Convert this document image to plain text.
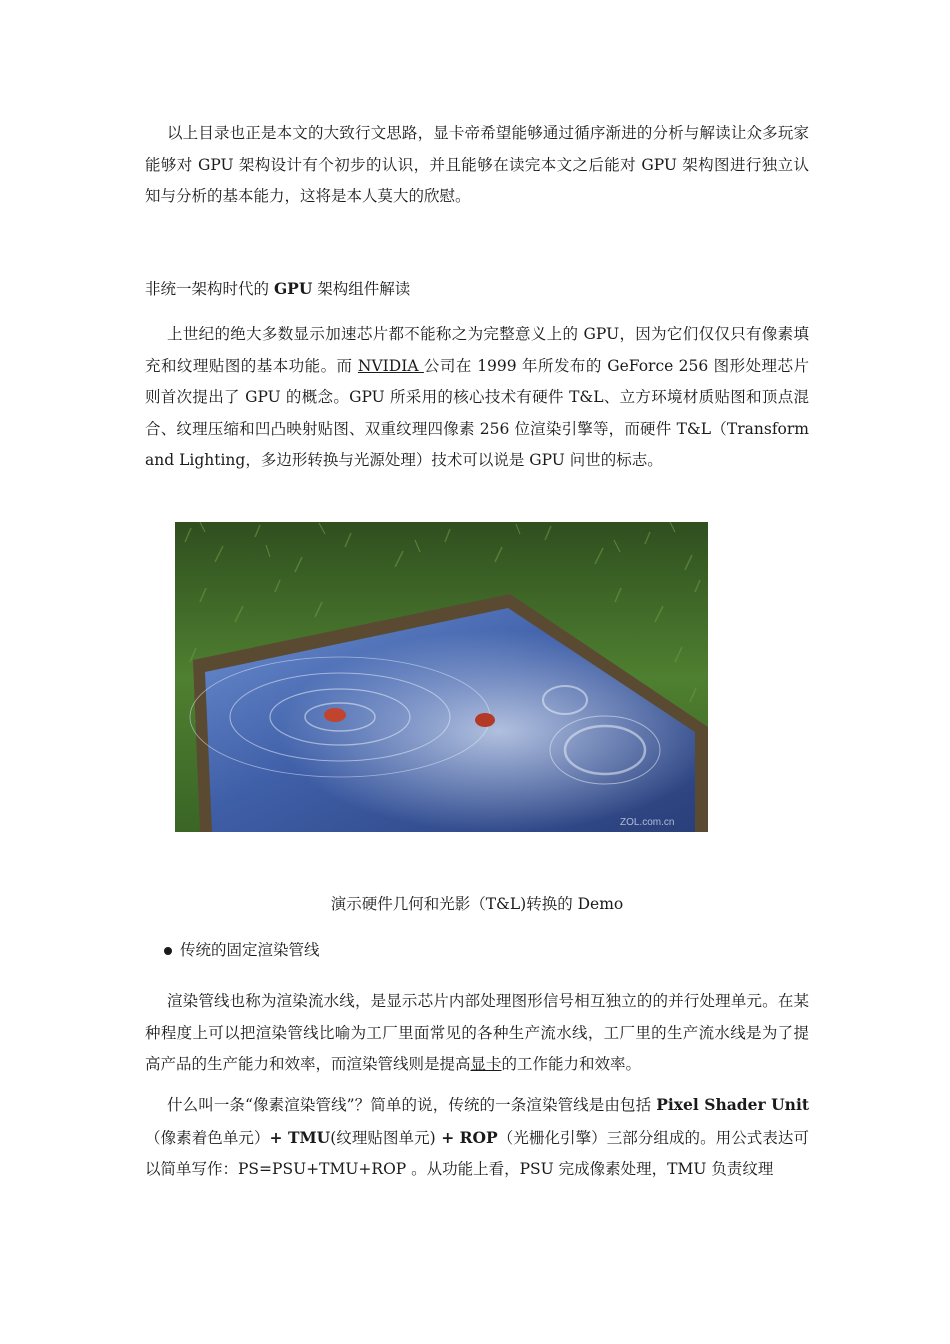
以上目录也正是本文的大致行文思路，显卡帝希望能够通过循序渐进的分析与解读让众多玩家能够对 GPU 架构设计有个初步的认识，并且能够在读完本文之后能对 GPU 架构图进行独立认知与分析的基本能力，这将是本人莫大的欣慰。

非统一架构时代的 GPU 架构组件解读

上世纪的绝大多数显示加速芯片都不能称之为完整意义上的 GPU，因为它们仅仅只有像素填充和纹理贴图的基本功能。而 NVIDIA 公司在 1999 年所发布的 GeForce 256 图形处理芯片则首次提出了 GPU 的概念。GPU 所采用的核心技术有硬件 T&L、立方环境材质贴图和顶点混合、纹理压缩和凹凸映射贴图、双重纹理四像素 256 位渲染引擎等，而硬件 T&L（Transform and Lighting，多边形转换与光源处理）技术可以说是 GPU 问世的标志。

ZOL.com.cn

演示硬件几何和光影（T&L)转换的 Demo

传统的固定渲染管线

渲染管线也称为渲染流水线，是显示芯片内部处理图形信号相互独立的的并行处理单元。在某种程度上可以把渲染管线比喻为工厂里面常见的各种生产流水线，工厂里的生产流水线是为了提高产品的生产能力和效率，而渲染管线则是提高显卡的工作能力和效率。

什么叫一条“像素渲染管线”？简单的说，传统的一条渲染管线是由包括 Pixel Shader Unit（像素着色单元）+ TMU(纹理贴图单元) + ROP（光栅化引擎）三部分组成的。用公式表达可以简单写作：PS=PSU+TMU+ROP 。从功能上看，PSU 完成像素处理，TMU 负责纹理
